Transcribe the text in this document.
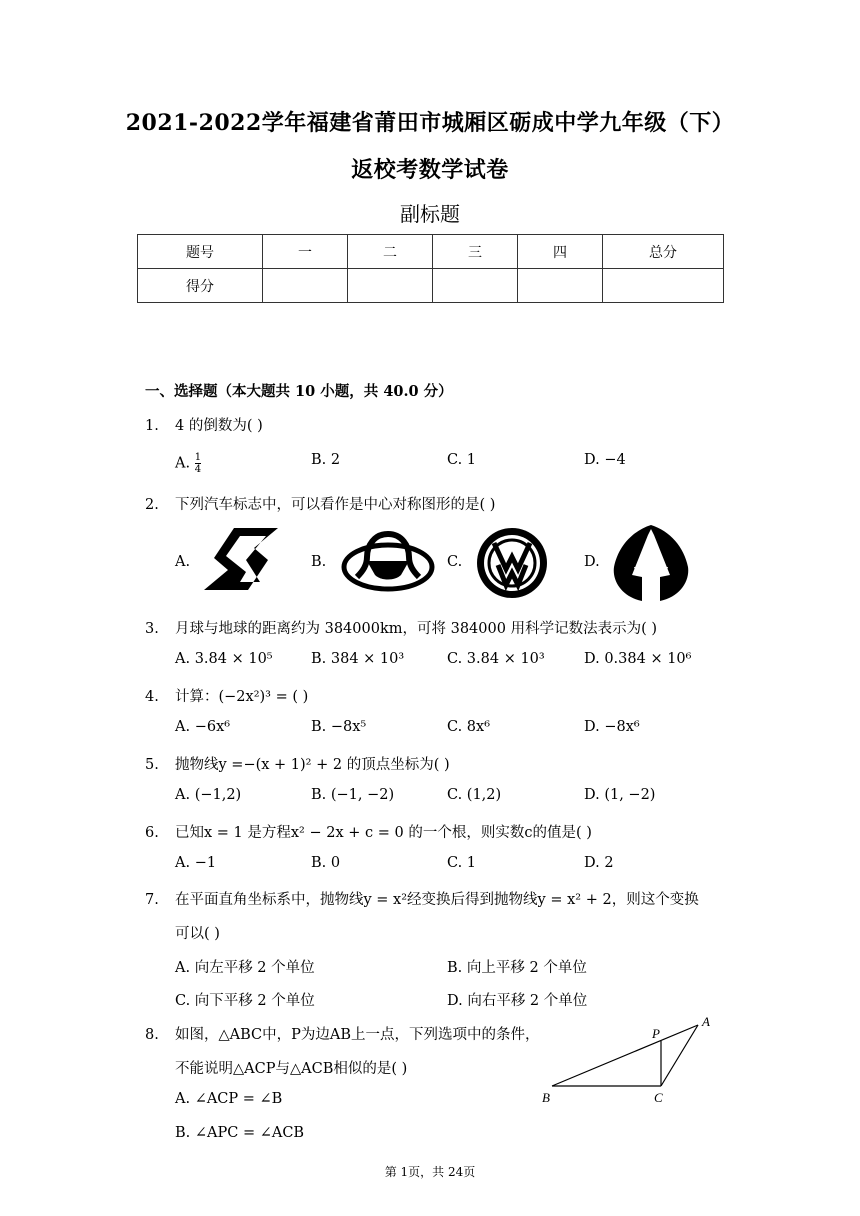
2021-2022学年福建省莆田市城厢区砺成中学九年级（下）
返校考数学试卷
副标题
题号	一	二	三	四	总分
得分					
一、选择题（本大题共 10 小题，共 40.0 分）
1. 4 的倒数为( )
A. $\frac{1}{4}$	B. 2	C. 1	D. −4
2. 下列汽车标志中，可以看作是中心对称图形的是( )
A.	B.	C.	D.
3. 月球与地球的距离约为 384000km，可将 384000 用科学记数法表示为( )
A. 3.84 × 10⁵	B. 384 × 10³	C. 3.84 × 10³	D. 0.384 × 10⁶
4. 计算：(−2x²)³ = ( )
A. −6x⁶	B. −8x⁵	C. 8x⁶	D. −8x⁶
5. 抛物线y =−(x + 1)² + 2 的顶点坐标为( )
A. (−1,2)	B. (−1, −2)	C. (1,2)	D. (1, −2)
6. 已知x = 1 是方程x² − 2x + c = 0 的一个根，则实数c的值是( )
A. −1	B. 0	C. 1	D. 2
7. 在平面直角坐标系中，抛物线y = x²经变换后得到抛物线y = x² + 2，则这个变换
可以( )
A. 向左平移 2 个单位	B. 向上平移 2 个单位
C. 向下平移 2 个单位	D. 向右平移 2 个单位
8. 如图，△ABC中，P为边AB上一点，下列选项中的条件，
不能说明△ACP与△ACB相似的是( )
A. ∠ACP = ∠B
B. ∠APC = ∠ACB
A
P
B	C
第 1页，共 24页
